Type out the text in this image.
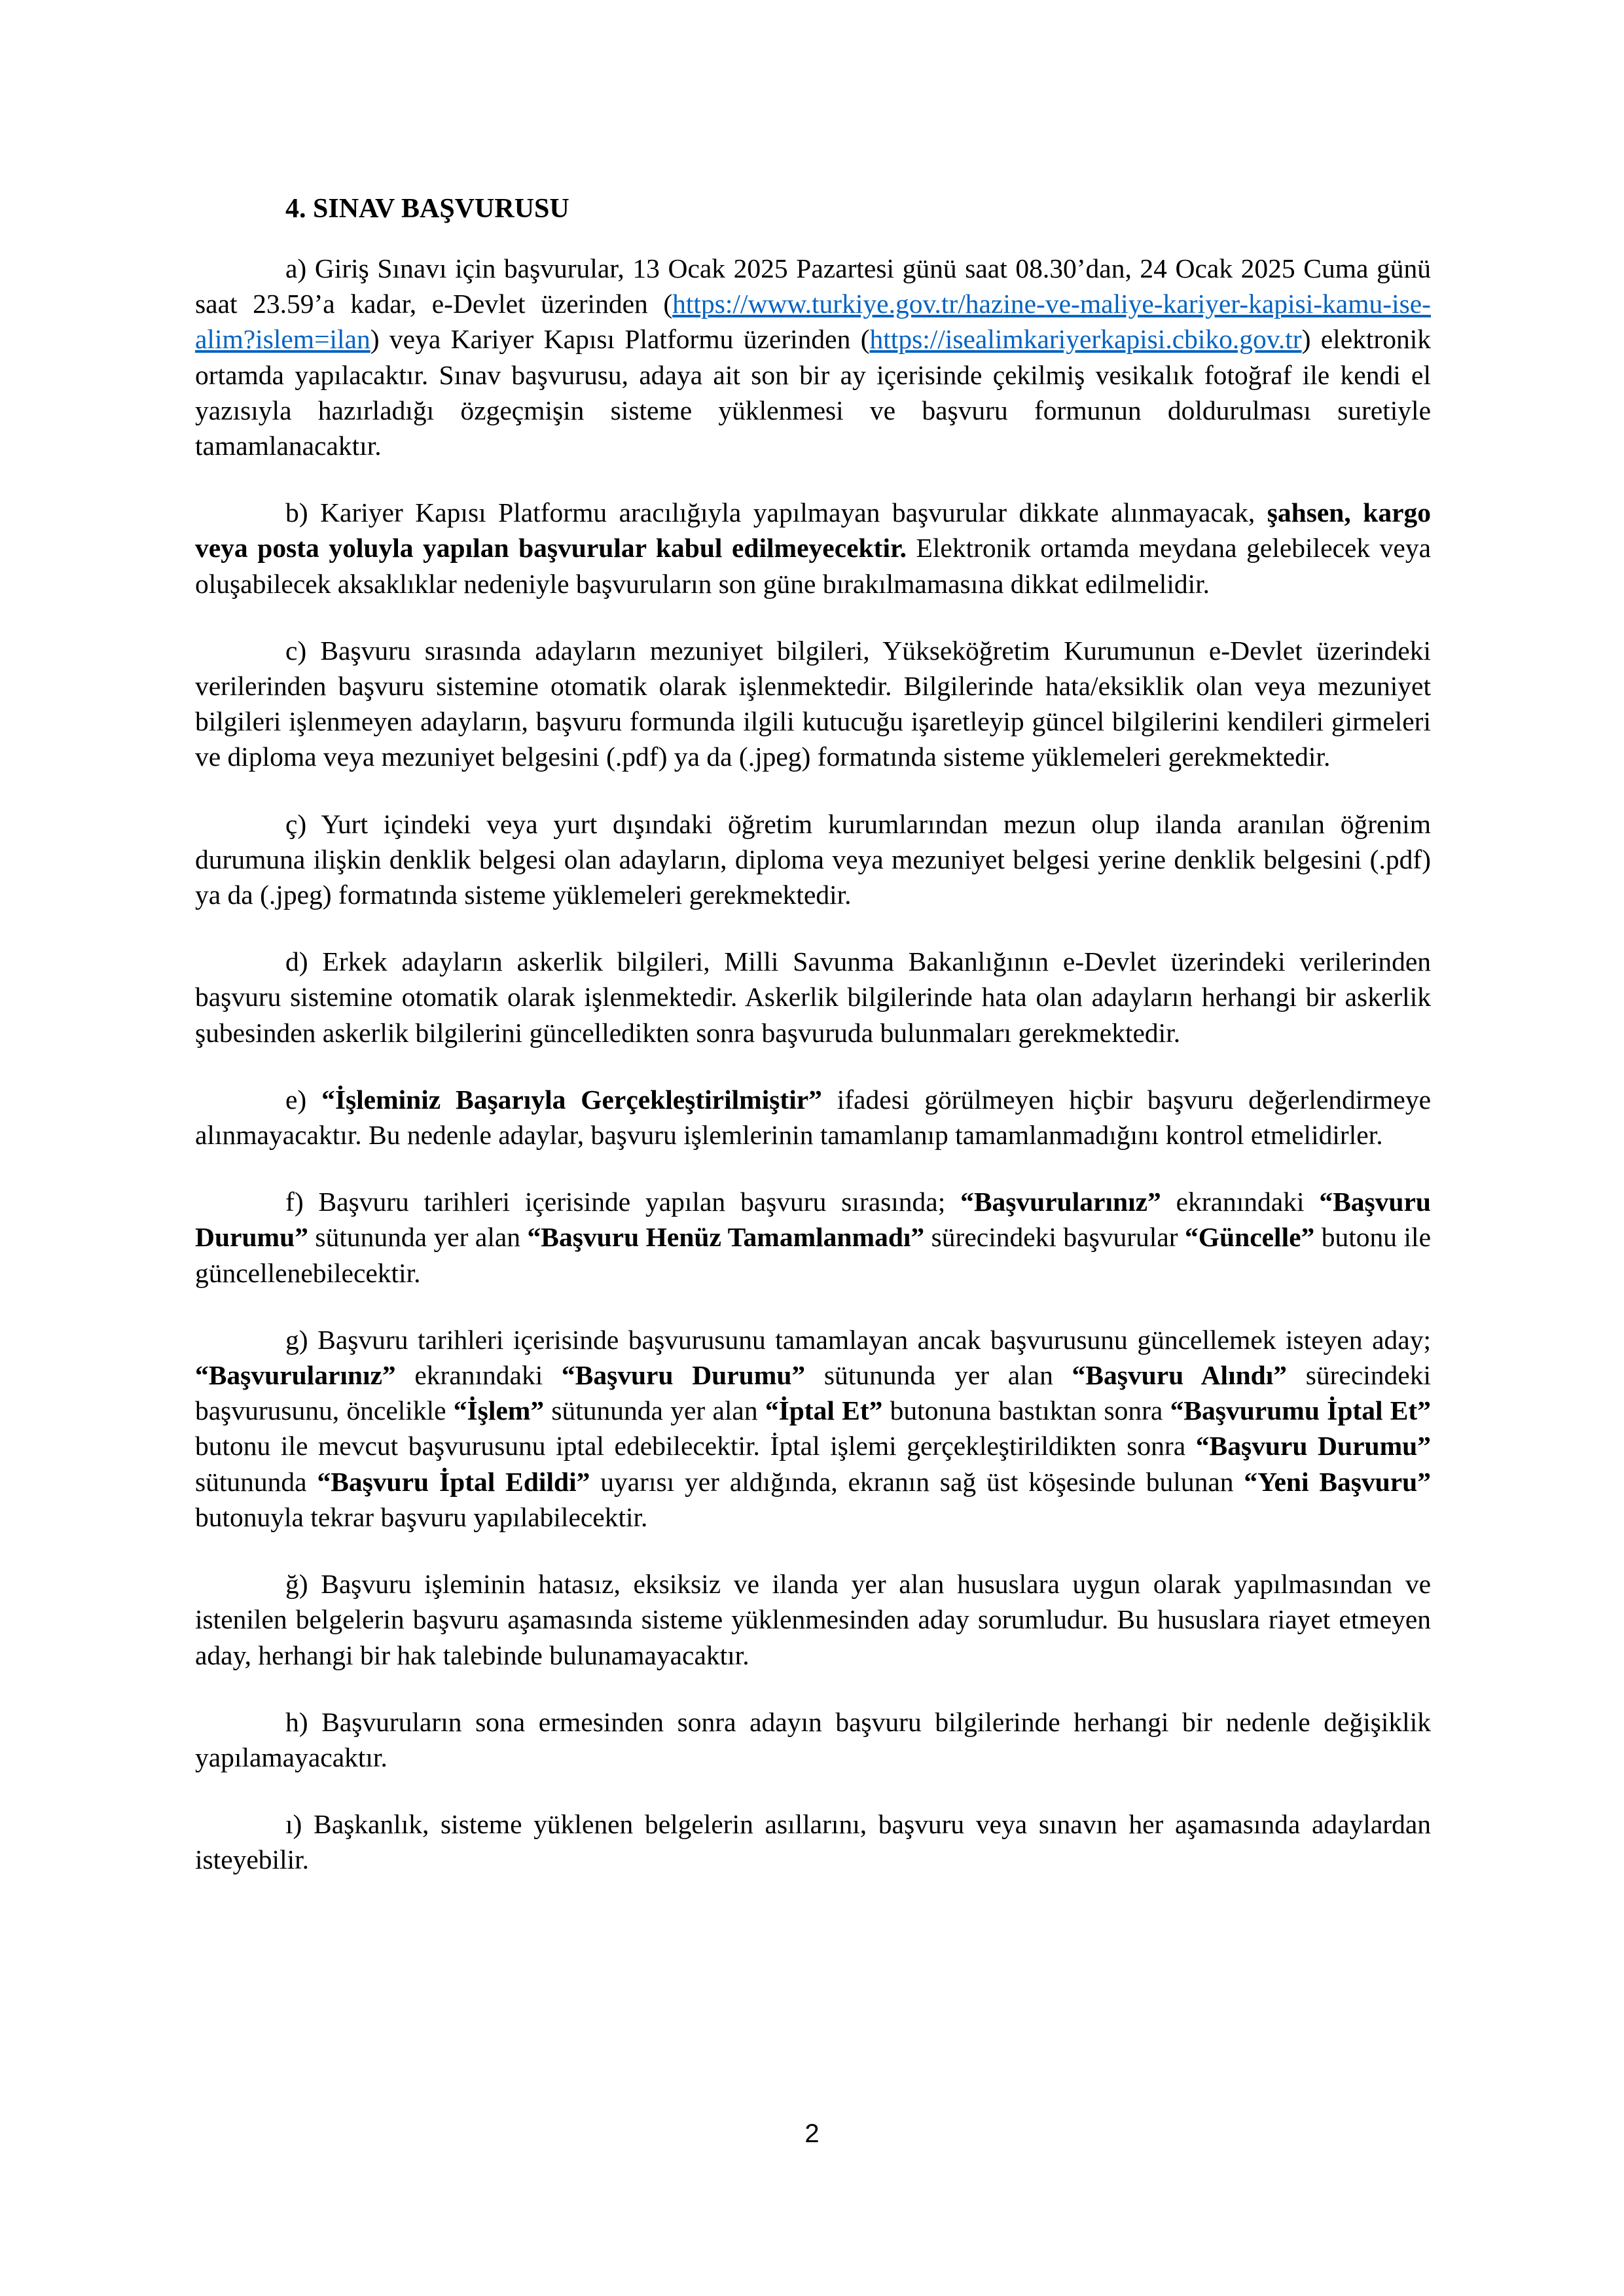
4. SINAV BAŞVURUSU

a) Giriş Sınavı için başvurular, 13 Ocak 2025 Pazartesi günü saat 08.30’dan, 24 Ocak 2025 Cuma günü saat 23.59’a kadar, e-Devlet üzerinden (https://www.turkiye.gov.tr/hazine-ve-maliye-kariyer-kapisi-kamu-ise-alim?islem=ilan) veya Kariyer Kapısı Platformu üzerinden (https://isealimkariyerkapisi.cbiko.gov.tr) elektronik ortamda yapılacaktır. Sınav başvurusu, adaya ait son bir ay içerisinde çekilmiş vesikalık fotoğraf ile kendi el yazısıyla hazırladığı özgeçmişin sisteme yüklenmesi ve başvuru formunun doldurulması suretiyle tamamlanacaktır.

b) Kariyer Kapısı Platformu aracılığıyla yapılmayan başvurular dikkate alınmayacak, şahsen, kargo veya posta yoluyla yapılan başvurular kabul edilmeyecektir. Elektronik ortamda meydana gelebilecek veya oluşabilecek aksaklıklar nedeniyle başvuruların son güne bırakılmamasına dikkat edilmelidir.

c) Başvuru sırasında adayların mezuniyet bilgileri, Yükseköğretim Kurumunun e-Devlet üzerindeki verilerinden başvuru sistemine otomatik olarak işlenmektedir. Bilgilerinde hata/eksiklik olan veya mezuniyet bilgileri işlenmeyen adayların, başvuru formunda ilgili kutucuğu işaretleyip güncel bilgilerini kendileri girmeleri ve diploma veya mezuniyet belgesini (.pdf) ya da (.jpeg) formatında sisteme yüklemeleri gerekmektedir.

ç) Yurt içindeki veya yurt dışındaki öğretim kurumlarından mezun olup ilanda aranılan öğrenim durumuna ilişkin denklik belgesi olan adayların, diploma veya mezuniyet belgesi yerine denklik belgesini (.pdf) ya da (.jpeg) formatında sisteme yüklemeleri gerekmektedir.

d) Erkek adayların askerlik bilgileri, Milli Savunma Bakanlığının e-Devlet üzerindeki verilerinden başvuru sistemine otomatik olarak işlenmektedir. Askerlik bilgilerinde hata olan adayların herhangi bir askerlik şubesinden askerlik bilgilerini güncelledikten sonra başvuruda bulunmaları gerekmektedir.

e) “İşleminiz Başarıyla Gerçekleştirilmiştir” ifadesi görülmeyen hiçbir başvuru değerlendirmeye alınmayacaktır. Bu nedenle adaylar, başvuru işlemlerinin tamamlanıp tamamlanmadığını kontrol etmelidirler.

f) Başvuru tarihleri içerisinde yapılan başvuru sırasında; “Başvurularınız” ekranındaki “Başvuru Durumu” sütununda yer alan “Başvuru Henüz Tamamlanmadı” sürecindeki başvurular “Güncelle” butonu ile güncellenebilecektir.

g) Başvuru tarihleri içerisinde başvurusunu tamamlayan ancak başvurusunu güncellemek isteyen aday; “Başvurularınız” ekranındaki “Başvuru Durumu” sütununda yer alan “Başvuru Alındı” sürecindeki başvurusunu, öncelikle “İşlem” sütununda yer alan “İptal Et” butonuna bastıktan sonra “Başvurumu İptal Et” butonu ile mevcut başvurusunu iptal edebilecektir. İptal işlemi gerçekleştirildikten sonra “Başvuru Durumu” sütununda “Başvuru İptal Edildi” uyarısı yer aldığında, ekranın sağ üst köşesinde bulunan “Yeni Başvuru” butonuyla tekrar başvuru yapılabilecektir.

ğ) Başvuru işleminin hatasız, eksiksiz ve ilanda yer alan hususlara uygun olarak yapılmasından ve istenilen belgelerin başvuru aşamasında sisteme yüklenmesinden aday sorumludur. Bu hususlara riayet etmeyen aday, herhangi bir hak talebinde bulunamayacaktır.

h) Başvuruların sona ermesinden sonra adayın başvuru bilgilerinde herhangi bir nedenle değişiklik yapılamayacaktır.

ı) Başkanlık, sisteme yüklenen belgelerin asıllarını, başvuru veya sınavın her aşamasında adaylardan isteyebilir.

2
